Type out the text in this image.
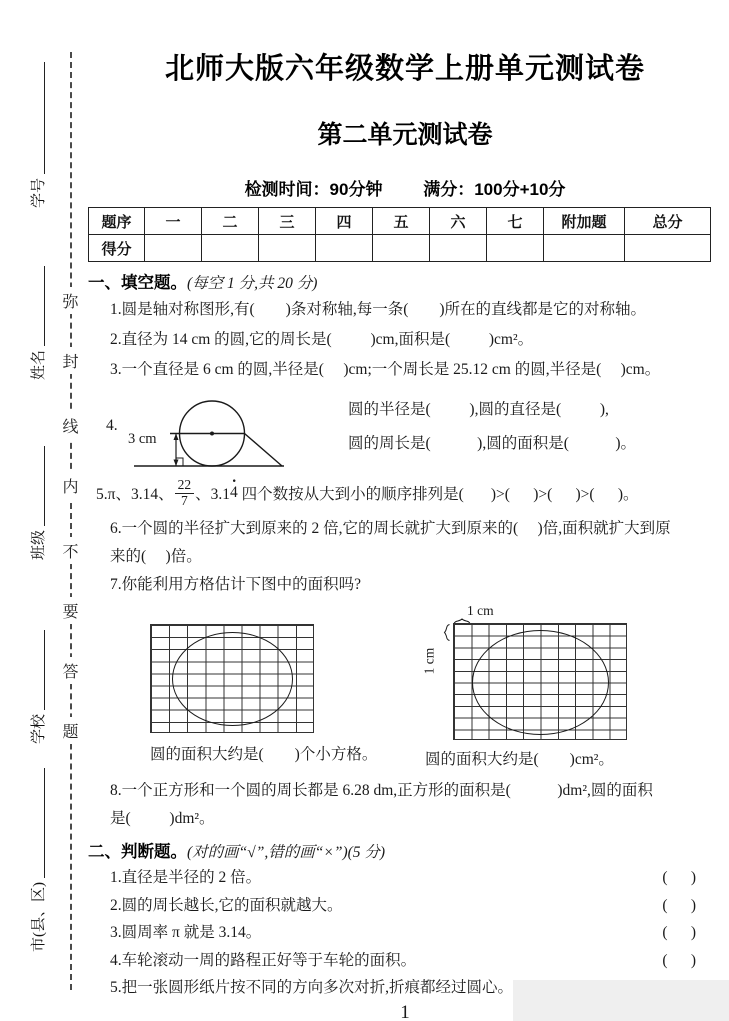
弥
封
线
内
不
要
答
题
学号
姓名
班级
学校
市(县、区)
北师大版六年级数学上册单元测试卷
第二单元测试卷
检测时间：90分钟 满分：100分+10分
题序	一	二	三	四	五	六	七	附加题	总分
得分									
一、填空题。(每空 1 分,共 20 分)
1.圆是轴对称图形,有(        )条对称轴,每一条(        )所在的直线都是它的对称轴。
2.直径为 14 cm 的圆,它的周长是(          )cm,面积是(          )cm²。
3.一个直径是 6 cm 的圆,半径是(     )cm;一个周长是 25.12 cm 的圆,半径是(     )cm。
4.
3 cm
圆的半径是(          ),圆的直径是(          ),
圆的周长是(            ),圆的面积是(            )。
5.π、3.14、 $\frac{22}{7}$ 、3.1 · 4 四个数按从大到小的顺序排列是(       )>(      )>(      )>(      )。
6.一个圆的半径扩大到原来的 2 倍,它的周长就扩大到原来的(     )倍,面积就扩大到原
来的(     )倍。
7.你能利用方格估计下图中的面积吗?
圆的面积大约是(        )个小方格。
1 cm
1 cm
圆的面积大约是(        )cm²。
8.一个正方形和一个圆的周长都是 6.28 dm,正方形的面积是(            )dm²,圆的面积
是(          )dm²。
二、判断题。(对的画“√”,错的画“×”)(5 分)
1.直径是半径的 2 倍。	(      )
2.圆的周长越长,它的面积就越大。	(      )
3.圆周率 π 就是 3.14。	(      )
4.车轮滚动一周的路程正好等于车轮的面积。	(      )
5.把一张圆形纸片按不同的方向多次对折,折痕都经过圆心。
1
